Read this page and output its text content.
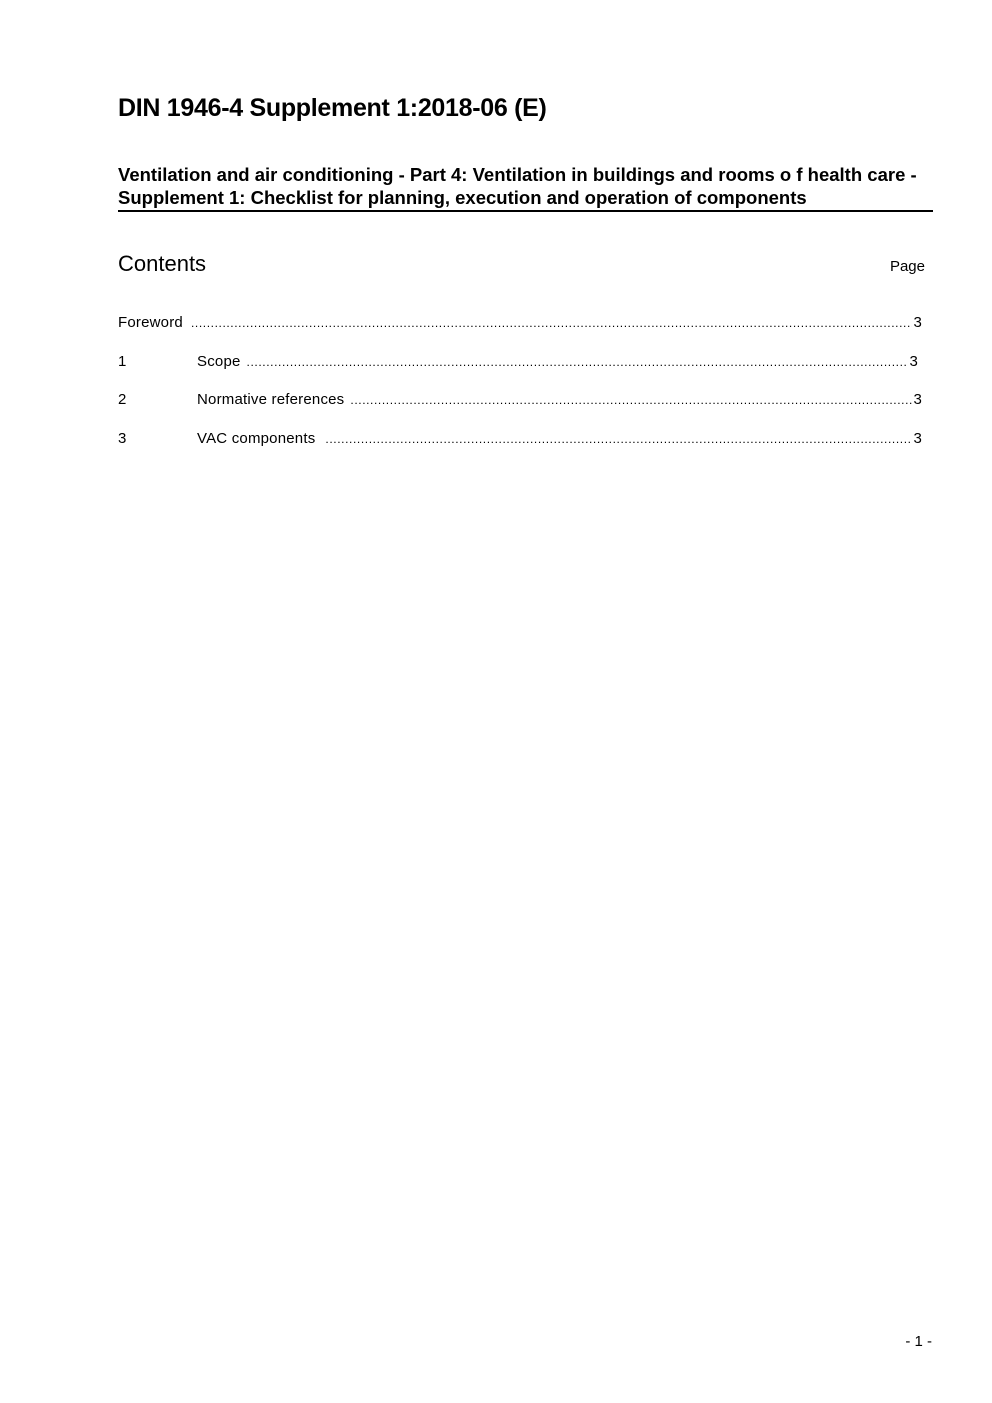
DIN 1946-4 Supplement 1:2018-06 (E)
Ventilation and air conditioning - Part 4: Ventilation in buildings and rooms o f health care - Supplement 1: Checklist for planning, execution and operation of components
Contents	Page
Foreword .....	3
1	Scope .....	3
2	Normative references .....	3
3	VAC components .....	3
- 1 -
